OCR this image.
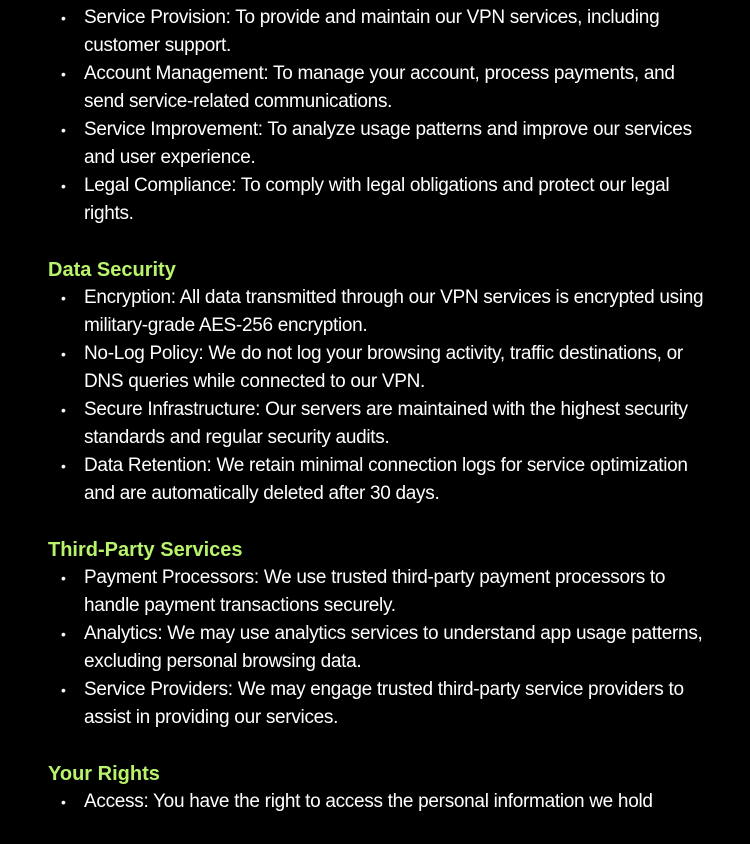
• Service Provision: To provide and maintain our VPN services, including customer support.
• Account Management: To manage your account, process payments, and send service-related communications.
• Service Improvement: To analyze usage patterns and improve our services and user experience.
• Legal Compliance: To comply with legal obligations and protect our legal rights.
Data Security
• Encryption: All data transmitted through our VPN services is encrypted using military-grade AES-256 encryption.
• No-Log Policy: We do not log your browsing activity, traffic destinations, or DNS queries while connected to our VPN.
• Secure Infrastructure: Our servers are maintained with the highest security standards and regular security audits.
• Data Retention: We retain minimal connection logs for service optimization and are automatically deleted after 30 days.
Third-Party Services
• Payment Processors: We use trusted third-party payment processors to handle payment transactions securely.
• Analytics: We may use analytics services to understand app usage patterns, excluding personal browsing data.
• Service Providers: We may engage trusted third-party service providers to assist in providing our services.
Your Rights
• Access: You have the right to access the personal information we hold
